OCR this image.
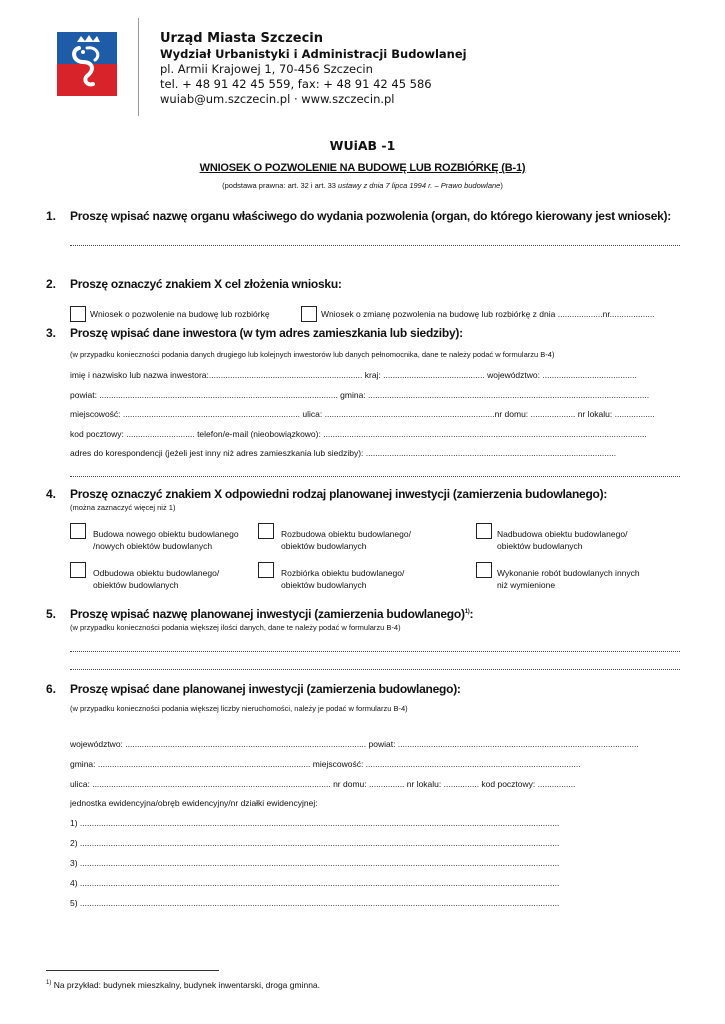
Urząd Miasta Szczecin
Wydział Urbanistyki i Administracji Budowlanej
pl. Armii Krajowej 1, 70-456 Szczecin
tel. + 48 91 42 45 559, fax: + 48 91 42 45 586
wuiab@um.szczecin.pl · www.szczecin.pl
WUiAB -1
WNIOSEK O POZWOLENIE NA BUDOWĘ LUB ROZBIÓRKĘ (B-1)
(podstawa prawna: art. 32 i art. 33 ustawy z dnia 7 lipca 1994 r. – Prawo budowlane)
1. Proszę wpisać nazwę organu właściwego do wydania pozwolenia (organ, do którego kierowany jest wniosek):
2. Proszę oznaczyć znakiem X cel złożenia wniosku:
Wniosek o pozwolenie na budowę lub rozbiórkę	Wniosek o zmianę pozwolenia na budowę lub rozbiórkę z dnia ...................nr...................
3. Proszę wpisać dane inwestora (w tym adres zamieszkania lub siedziby):
(w przypadku konieczności podania danych drugiego lub kolejnych inwestorów lub danych pełnomocnika, dane te należy podać w formularzu B-4)
imię i nazwisko lub nazwa inwestora:................................................................. kraj: ........................................... województwo: ........................................
powiat: ..................................................................................................... gmina: .......................................................................................................................
miejscowość: ........................................................................... ulica: ........................................................................nr domu: ................... nr lokalu: .................
kod pocztowy: ............................. telefon/e-mail (nieobowiązkowo): .........................................................................................................................................
adres do korespondencji (jeżeli jest inny niż adres zamieszkania lub siedziby): ..........................................................................................................
4. Proszę oznaczyć znakiem X odpowiedni rodzaj planowanej inwestycji (zamierzenia budowlanego):
(można zaznaczyć więcej niż 1)
Budowa nowego obiektu budowlanego
/nowych obiektów budowlanych
Rozbudowa obiektu budowlanego/
obiektów budowlanych
Nadbudowa obiektu budowlanego/
obiektów budowlanych
Odbudowa obiektu budowlanego/
obiektów budowlanych
Rozbiórka obiektu budowlanego/
obiektów budowlanych
Wykonanie robót budowlanych innych
niż wymienione
5. Proszę wpisać nazwę planowanej inwestycji (zamierzenia budowlanego)$^{1)}$:
(w przypadku konieczności podania większej ilości danych, dane te należy podać w formularzu B-4)
6. Proszę wpisać dane planowanej inwestycji (zamierzenia budowlanego):
(w przypadku konieczności podania większej liczby nieruchomości, należy je podać w formularzu B-4)
województwo: ...................................................................................................... powiat: ......................................................................................................
gmina: .......................................................................................... miejscowość: ...........................................................................................
ulica: ..................................................................................................... nr domu: ............... nr lokalu: ............... kod pocztowy: ................
jednostka ewidencyjna/obręb ewidencyjny/nr działki ewidencyjnej:
1) ...........................................................................................................................................................................................................
2) ...........................................................................................................................................................................................................
3) ...........................................................................................................................................................................................................
4) ...........................................................................................................................................................................................................
5) ...........................................................................................................................................................................................................
$^{1)}$ Na przykład: budynek mieszkalny, budynek inwentarski, droga gminna.
